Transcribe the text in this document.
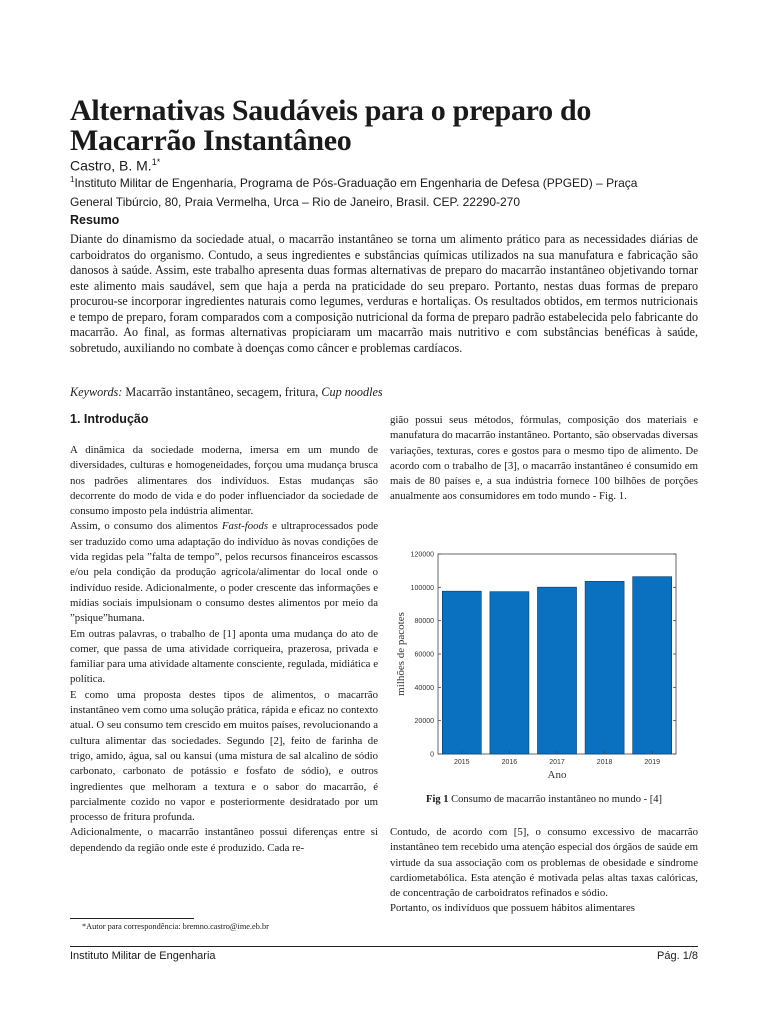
Alternativas Saudáveis para o preparo do Macarrão Instantâneo
Castro, B. M.$^{1*}$
$^1$Instituto Militar de Engenharia, Programa de Pós-Graduação em Engenharia de Defesa (PPGED) – Praça General Tibúrcio, 80, Praia Vermelha, Urca – Rio de Janeiro, Brasil. CEP. 22290-270
Resumo

Diante do dinamismo da sociedade atual, o macarrão instantâneo se torna um alimento prático para as necessidades diárias de carboidratos do organismo. Contudo, a seus ingredientes e substâncias químicas utilizados na sua manufatura e fabricação são danosos à saúde. Assim, este trabalho apresenta duas formas alternativas de preparo do macarrão instantâneo objetivando tornar este alimento mais saudável, sem que haja a perda na praticidade do seu preparo. Portanto, nestas duas formas de preparo procurou-se incorporar ingredientes naturais como legumes, verduras e hortaliças. Os resultados obtidos, em termos nutricionais e tempo de preparo, foram comparados com a composição nutricional da forma de preparo padrão estabelecida pelo fabricante do macarrão. Ao final, as formas alternativas propiciaram um macarrão mais nutritivo e com substâncias benéficas à saúde, sobretudo, auxiliando no combate à doenças como câncer e problemas cardíacos.

Keywords: Macarrão instantâneo, secagem, fritura, Cup noodles
1. Introdução

A dinâmica da sociedade moderna, imersa em um mundo de diversidades, culturas e homogeneidades, forçou uma mudança brusca nos padrões alimentares dos indivíduos. Estas mudanças são decorrente do modo de vida e do poder influenciador da sociedade de consumo imposto pela indústria alimentar.

Assim, o consumo dos alimentos Fast-foods e ultraprocessados pode ser traduzido como uma adaptação do indivíduo às novas condições de vida regidas pela ”falta de tempo”, pelos recursos financeiros escassos e/ou pela condição da produção agrícola/alimentar do local onde o indivíduo reside. Adicionalmente, o poder crescente das informações e mídias sociais impulsionam o consumo destes alimentos por meio da ”psique”humana.

Em outras palavras, o trabalho de [1] aponta uma mudança do ato de comer, que passa de uma atividade corriqueira, prazerosa, privada e familiar para uma atividade altamente consciente, regulada, midiática e política.

E como uma proposta destes tipos de alimentos, o macarrão instantâneo vem como uma solução prática, rápida e eficaz no contexto atual. O seu consumo tem crescido em muitos países, revolucionando a cultura alimentar das sociedades. Segundo [2], feito de farinha de trigo, amido, água, sal ou kansui (uma mistura de sal alcalino de sódio carbonato, carbonato de potássio e fosfato de sódio), e outros ingredientes que melhoram a textura e o sabor do macarrão, é parcialmente cozido no vapor e posteriormente desidratado por um processo de fritura profunda.

Adicionalmente, o macarrão instantâneo possui diferenças entre si dependendo da região onde este é produzido. Cada re-

gião possui seus métodos, fórmulas, composição dos materiais e manufatura do macarrão instantâneo. Portanto, são observadas diversas variações, texturas, cores e gostos para o mesmo tipo de alimento. De acordo com o trabalho de [3], o macarrão instantâneo é consumido em mais de 80 países e, a sua indústria fornece 100 bilhões de porções anualmente aos consumidores em todo mundo - Fig. 1.

0
20000
40000
60000
80000
100000
120000
2015	2016	2017	2018	2019
Ano
milhões de pacotes
Fig 1 Consumo de macarrão instantâneo no mundo - [4]

Contudo, de acordo com [5], o consumo excessivo de macarrão instantâneo tem recebido uma atenção especial dos órgãos de saúde em virtude da sua associação com os problemas de obesidade e síndrome cardiometabólica. Esta atenção é motivada pelas altas taxas calóricas, de concentração de carboidratos refinados e sódio.

Portanto, os indivíduos que possuem hábitos alimentares

*Autor para correspondência: bremno.castro@ime.eb.br
Instituto Militar de Engenharia	Pág. 1/8
